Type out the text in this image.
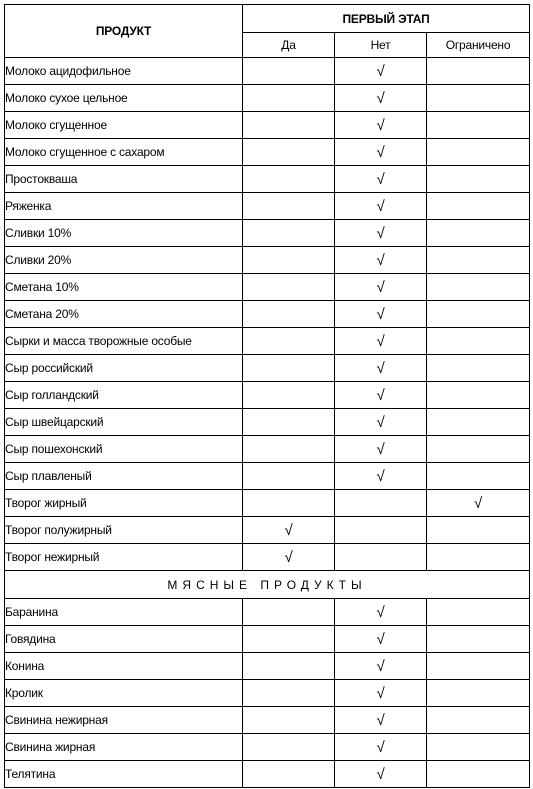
ПРОДУКТ	ПЕРВЫЙ ЭТАП		
	Да	Нет	Ограничено
Молоко ацидофильное		√	
Молоко сухое цельное		√	
Молоко сгущенное		√	
Молоко сгущенное с сахаром		√	
Простокваша		√	
Ряженка		√	
Сливки 10%		√	
Сливки 20%		√	
Сметана 10%		√	
Сметана 20%		√	
Сырки и масса творожные особые		√	
Сыр российский		√	
Сыр голландский		√	
Сыр швейцарский		√	
Сыр пошехонский		√	
Сыр плавленый		√	
Творог жирный			√
Творог полужирный	√		
Творог нежирный	√		
МЯСНЫЕ ПРОДУКТЫ			
Баранина		√	
Говядина		√	
Конина		√	
Кролик		√	
Свинина нежирная		√	
Свинина жирная		√	
Телятина		√	
